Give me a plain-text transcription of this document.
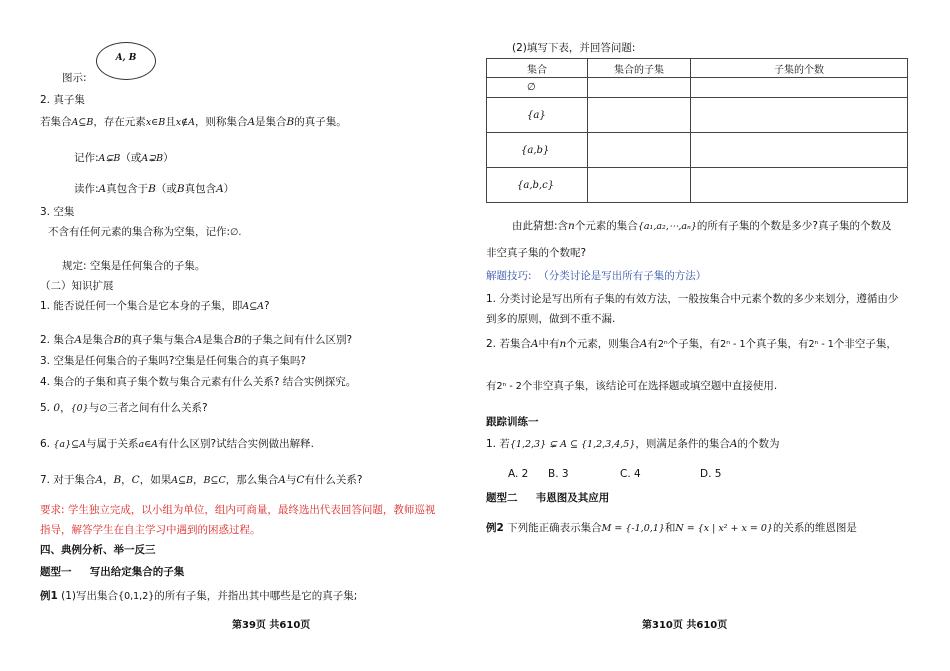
A, B
图示:
2. 真子集
若集合A⊆B，存在元素x∈B且x∉A，则称集合A是集合B的真子集。
记作:A⊊B（或A⊋B）
读作:A真包含于B（或B真包含A）
3. 空集
不含有任何元素的集合称为空集，记作:∅.
规定: 空集是任何集合的子集。
（二）知识扩展
1. 能否说任何一个集合是它本身的子集，即A⊆A?
2. 集合A是集合B的真子集与集合A是集合B的子集之间有什么区别?
3. 空集是任何集合的子集吗?空集是任何集合的真子集吗?
4. 集合的子集和真子集个数与集合元素有什么关系? 结合实例探究。
5. 0，{0}与∅三者之间有什么关系?
6. {a}⊆A与属于关系a∈A有什么区别?试结合实例做出解释.
7. 对于集合A，B，C，如果A⊆B，B⊆C，那么集合A与C有什么关系?
要求: 学生独立完成，以小组为单位，组内可商量，最终选出代表回答问题，教师巡视
指导，解答学生在自主学习中遇到的困惑过程。
四、典例分析、举一反三
题型一 写出给定集合的子集
例1 (1)写出集合{0,1,2}的所有子集，并指出其中哪些是它的真子集;
第39页 共610页
(2)填写下表，并回答问题:
集合	集合的子集	子集的个数
∅		
{a}		
{a,b}		
{a,b,c}		
由此猜想:含n个元素的集合{a₁,a₂,⋯,aₙ}的所有子集的个数是多少?真子集的个数及
非空真子集的个数呢?
解题技巧: （分类讨论是写出所有子集的方法）
1. 分类讨论是写出所有子集的有效方法，一般按集合中元素个数的多少来划分，遵循由少
到多的原则，做到不重不漏.
2. 若集合A中有n个元素，则集合A有2ⁿ个子集，有2ⁿ - 1个真子集，有2ⁿ - 1个非空子集，
有2ⁿ - 2个非空真子集，该结论可在选择题或填空题中直接使用.
跟踪训练一
1. 若{1,2,3} ⊊ A ⊆ {1,2,3,4,5}，则满足条件的集合A的个数为
A. 2 B. 3	C. 4	D. 5
题型二 韦恩图及其应用
例2 下列能正确表示集合M = {-1,0,1}和N = {x | x² + x = 0}的关系的维恩图是
第310页 共610页
